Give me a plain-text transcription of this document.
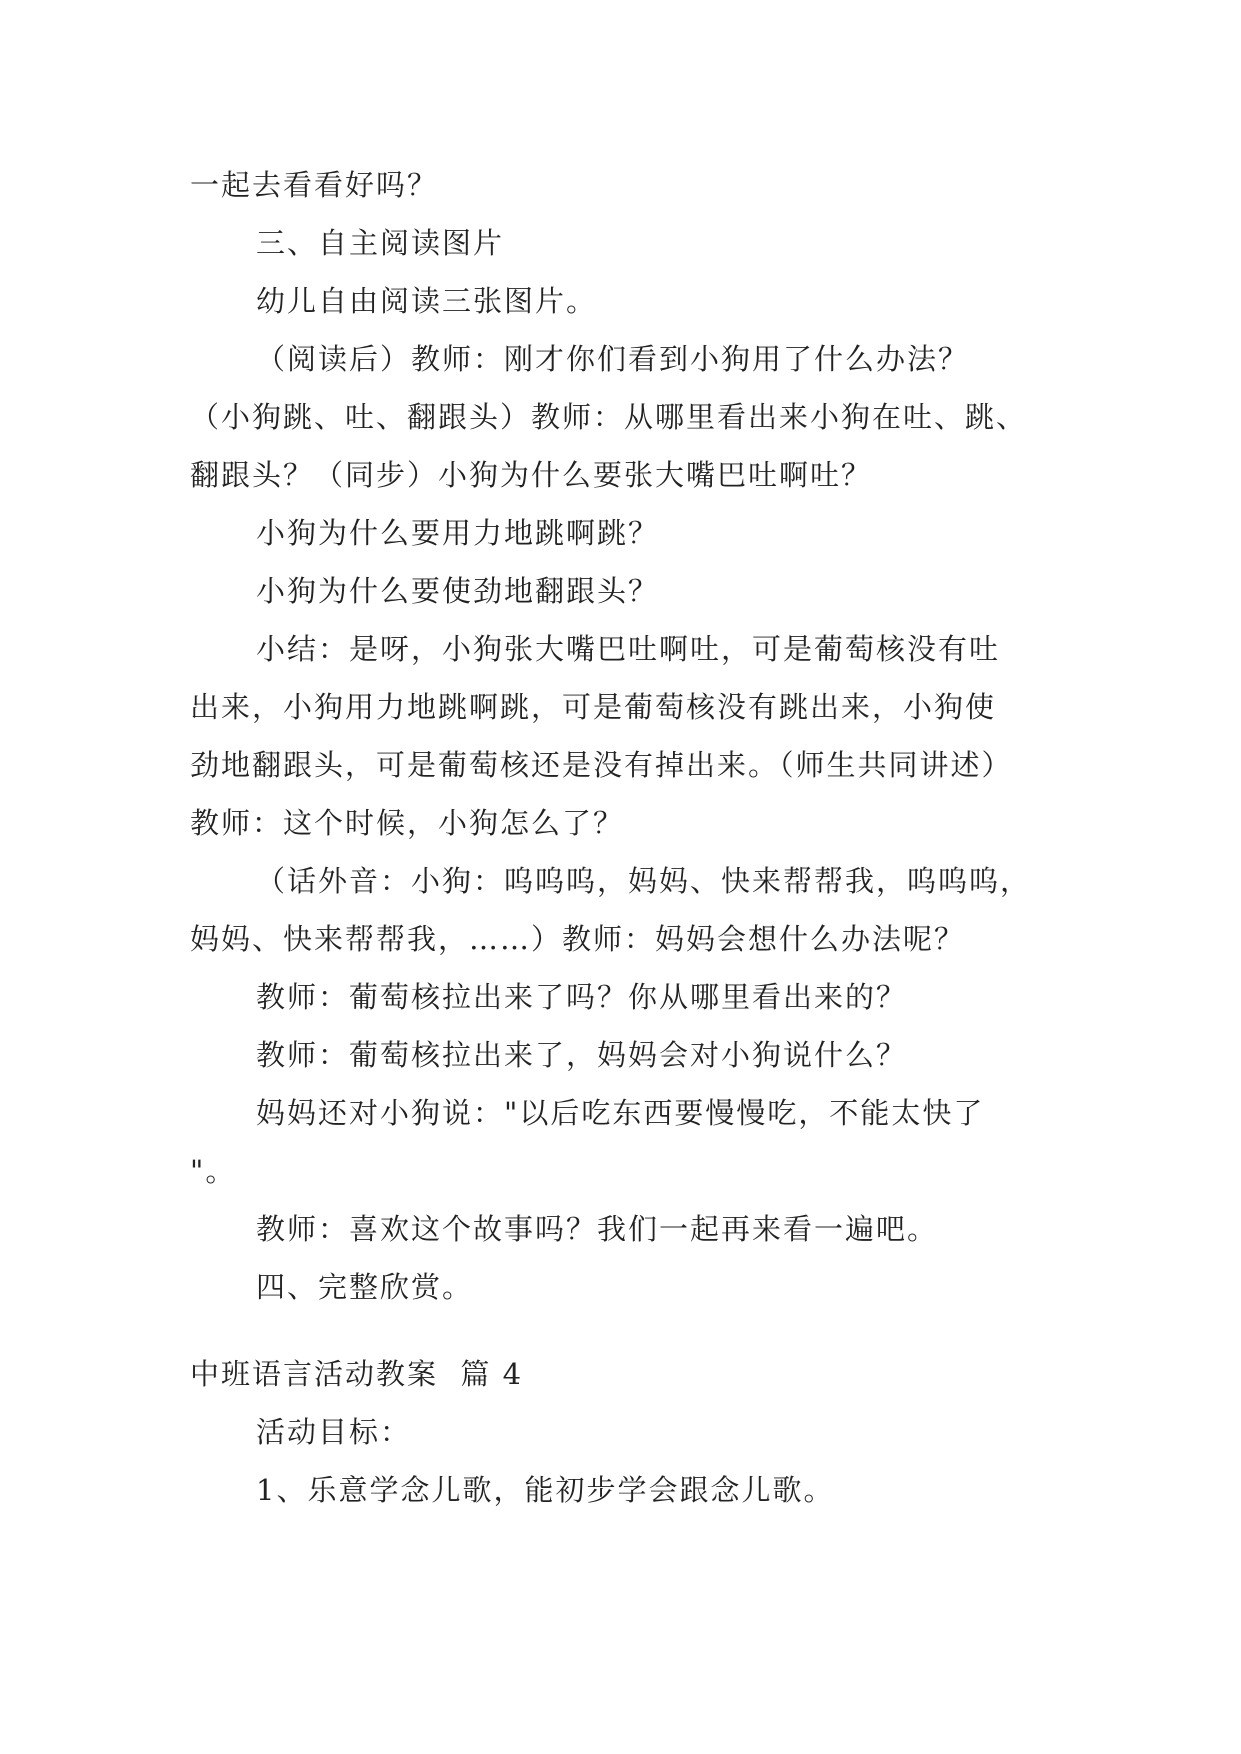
一起去看看好吗？
三、自主阅读图片
幼儿自由阅读三张图片。
（阅读后）教师：刚才你们看到小狗用了什么办法？
（小狗跳、吐、翻跟头）教师：从哪里看出来小狗在吐、跳、
翻跟头？（同步）小狗为什么要张大嘴巴吐啊吐？
小狗为什么要用力地跳啊跳？
小狗为什么要使劲地翻跟头？
小结：是呀，小狗张大嘴巴吐啊吐，可是葡萄核没有吐
出来，小狗用力地跳啊跳，可是葡萄核没有跳出来，小狗使
劲地翻跟头，可是葡萄核还是没有掉出来。（师生共同讲述）
教师：这个时候，小狗怎么了？
（话外音：小狗：呜呜呜，妈妈、快来帮帮我，呜呜呜，
妈妈、快来帮帮我，……）教师：妈妈会想什么办法呢？
教师：葡萄核拉出来了吗？你从哪里看出来的？
教师：葡萄核拉出来了，妈妈会对小狗说什么？
妈妈还对小狗说："以后吃东西要慢慢吃，不能太快了
"。
教师：喜欢这个故事吗？我们一起再来看一遍吧。
四、完整欣赏。
中班语言活动教案  篇 4
活动目标：
1、乐意学念儿歌，能初步学会跟念儿歌。
